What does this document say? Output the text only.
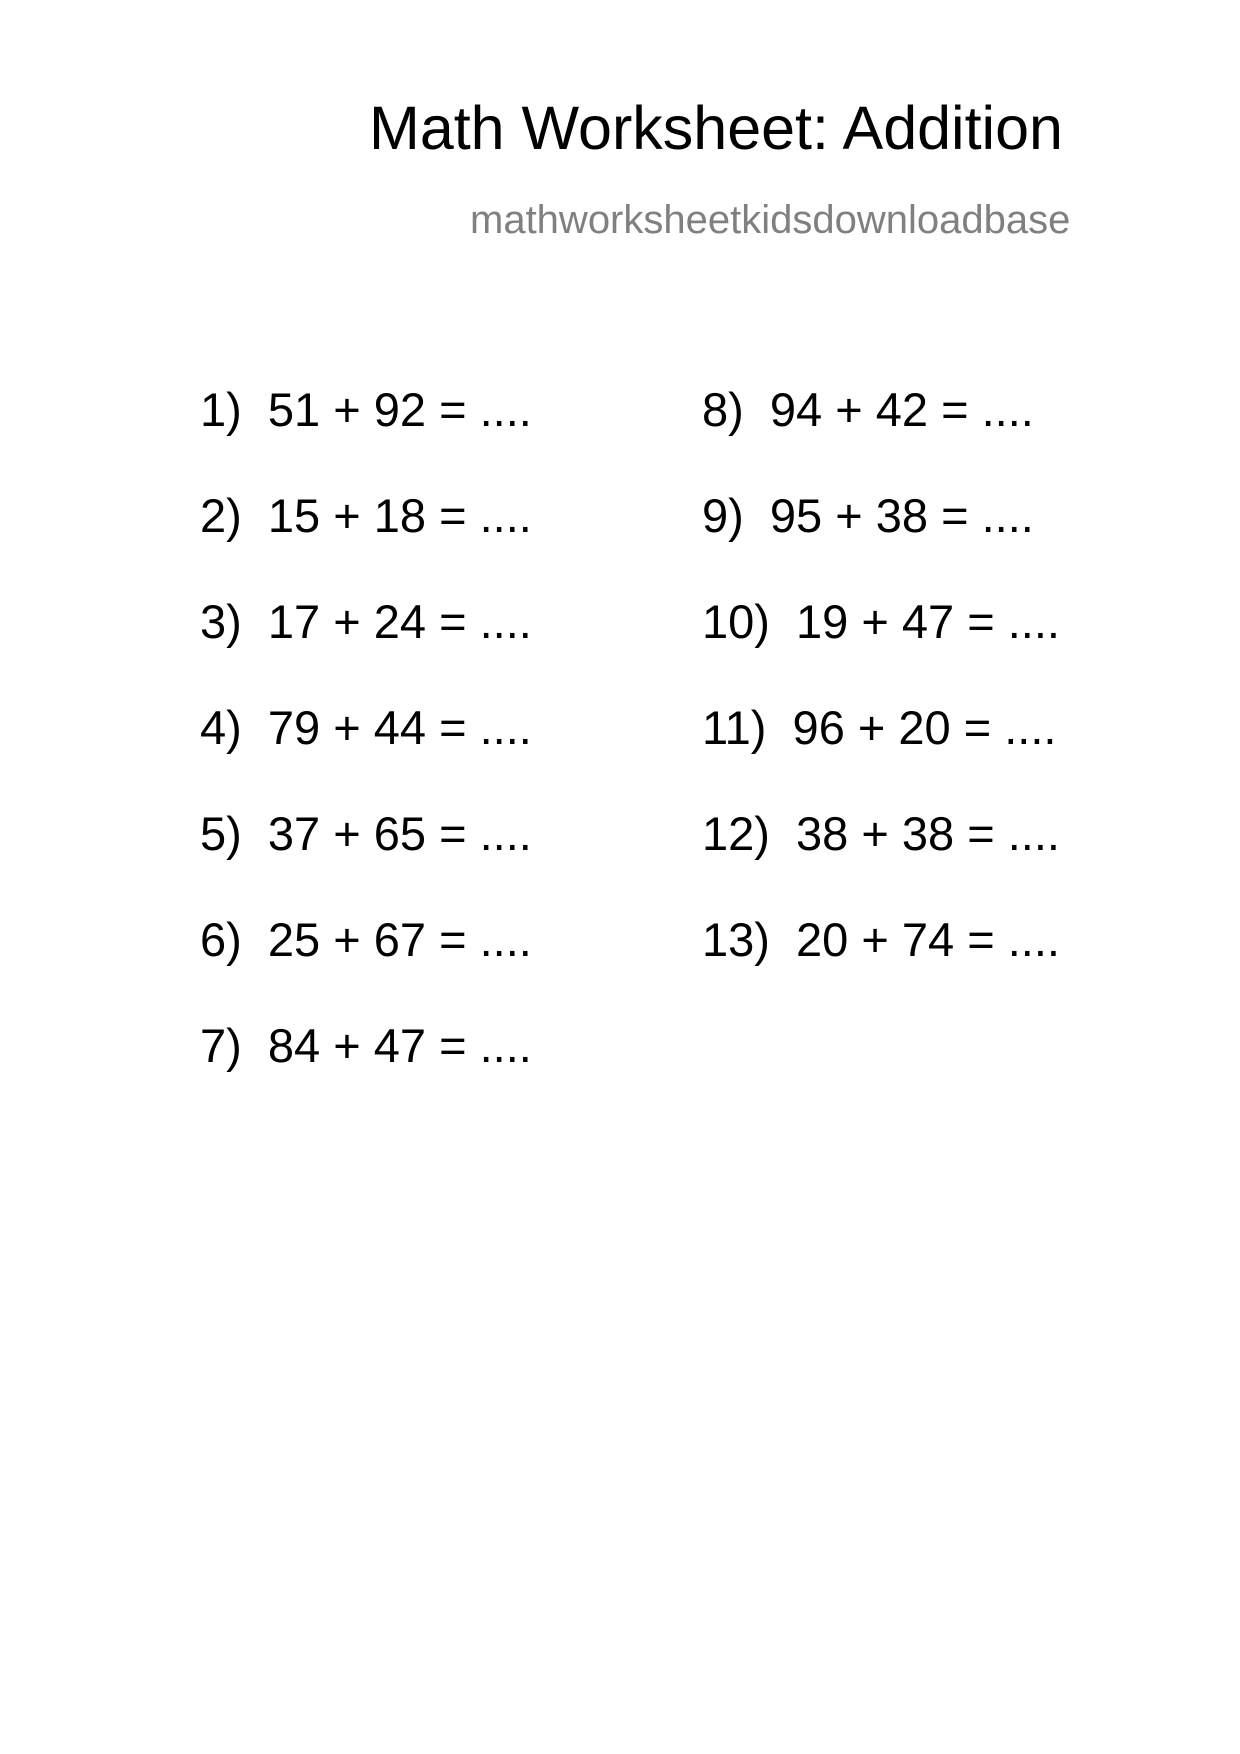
Math Worksheet: Addition
mathworksheetkidsdownloadbase
1)  51 + 92 = ....
2)  15 + 18 = ....
3)  17 + 24 = ....
4)  79 + 44 = ....
5)  37 + 65 = ....
6)  25 + 67 = ....
7)  84 + 47 = ....
8)  94 + 42 = ....
9)  95 + 38 = ....
10)  19 + 47 = ....
11)  96 + 20 = ....
12)  38 + 38 = ....
13)  20 + 74 = ....
